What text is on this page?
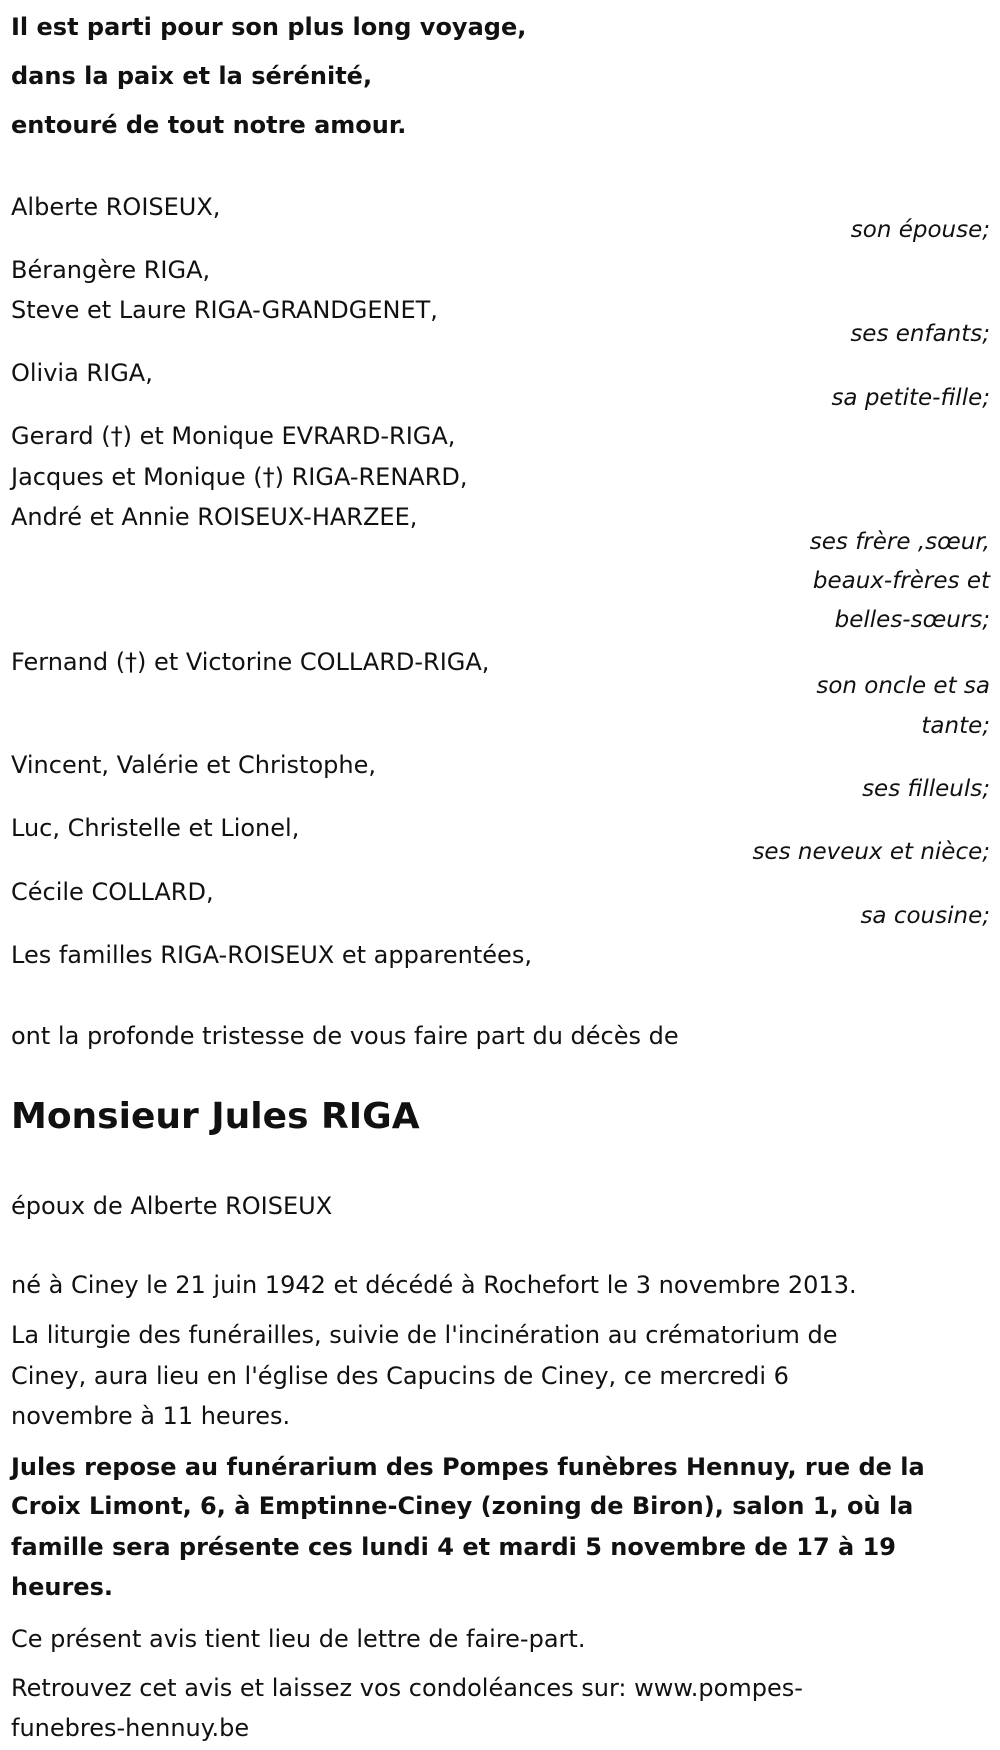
Il est parti pour son plus long voyage,
dans la paix et la sérénité,
entouré de tout notre amour.
Alberte ROISEUX,
Bérangère RIGA,
Steve et Laure RIGA-GRANDGENET,
Olivia RIGA,
Gerard (†) et Monique EVRARD-RIGA,
Jacques et Monique (†) RIGA-RENARD,
André et Annie ROISEUX-HARZEE,
Fernand (†) et Victorine COLLARD-RIGA,
Vincent, Valérie et Christophe,
Luc, Christelle et Lionel,
Cécile COLLARD,
Les familles RIGA-ROISEUX et apparentées,
son épouse;
ses enfants;
sa petite-fille;
ses frère ,sœur,
beaux-frères et
belles-sœurs;
son oncle et sa
tante;
ses filleuls;
ses neveux et nièce;
sa cousine;
ont la profonde tristesse de vous faire part du décès de
Monsieur Jules RIGA
époux de Alberte ROISEUX
né à Ciney le 21 juin 1942 et décédé à Rochefort le 3 novembre 2013.
La liturgie des funérailles, suivie de l'incinération au crématorium de
Ciney, aura lieu en l'église des Capucins de Ciney, ce mercredi 6
novembre à 11 heures.
Jules repose au funérarium des Pompes funèbres Hennuy, rue de la
Croix Limont, 6, à Emptinne-Ciney (zoning de Biron), salon 1, où la
famille sera présente ces lundi 4 et mardi 5 novembre de 17 à 19
heures.
Ce présent avis tient lieu de lettre de faire-part.
Retrouvez cet avis et laissez vos condoléances sur: www.pompes-
funebres-hennuy.be
